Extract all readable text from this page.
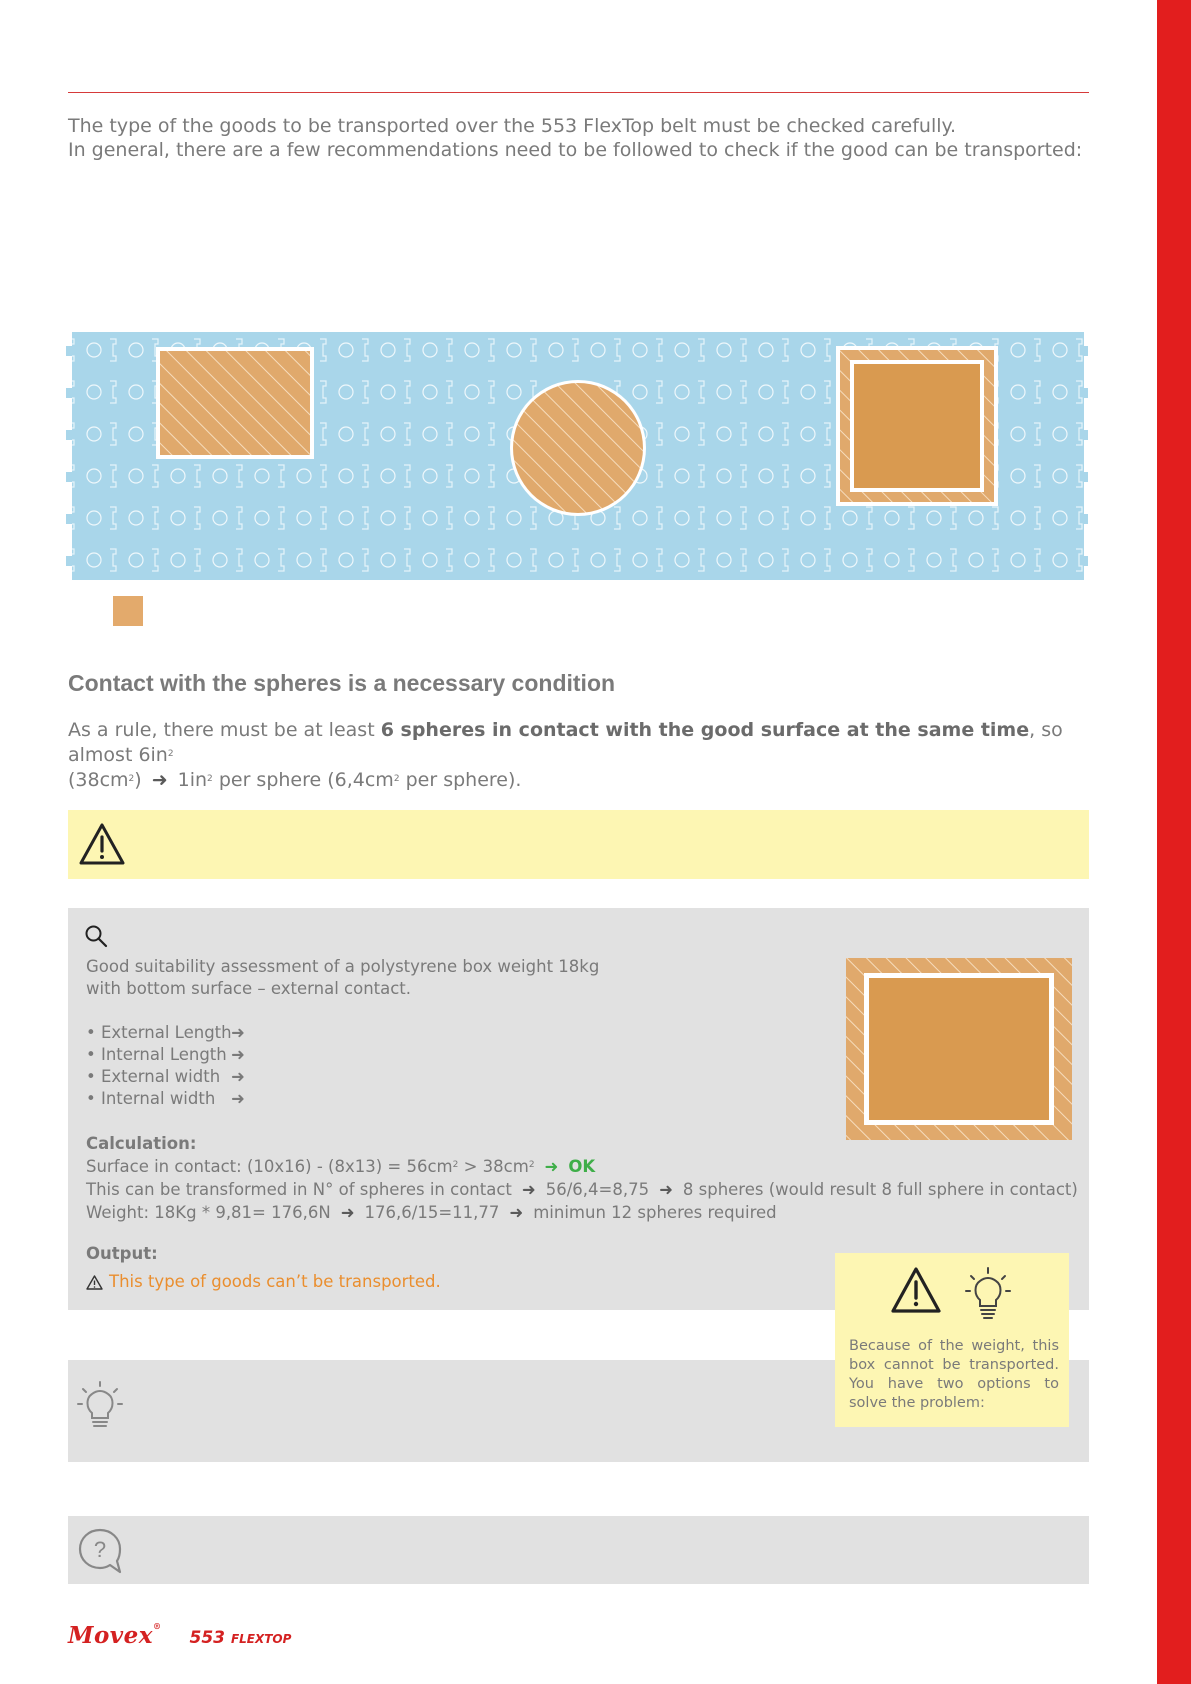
The type of the goods to be transported over the 553 FlexTop belt must be checked carefully.

In general, there are a few recommendations need to be followed to check if the good can be transported:

Contact with the spheres is a necessary condition

As a rule, there must be at least 6 spheres in contact with the good surface at the same time, so almost $6in^2$

$(38cm^2)$ ➜ $1in^2$ per sphere ($6,4cm^2$ per sphere).

Good suitability assessment of a polystyrene box weight 18kg

with bottom surface – external contact.

• External Length➜
• Internal Length ➜
• External width ➜
• Internal width ➜
Calculation:
Surface in contact: $(10x16) - (8x13) = 56cm^2 > 38cm^2$ ➜ OK
This can be transformed in N° of spheres in contact ➜ 56/6,4=8,75 ➜ 8 spheres (would result 8 full sphere in contact)
Weight: 18Kg * 9,81= 176,6N ➜ 176,6/15=11,77 ➜ minimun 12 spheres required
Output:
This type of goods can’t be transported.
Because of the weight, this box cannot be transported. You have two options to solve the problem:
?
Movex®
553 FLEXTOP
